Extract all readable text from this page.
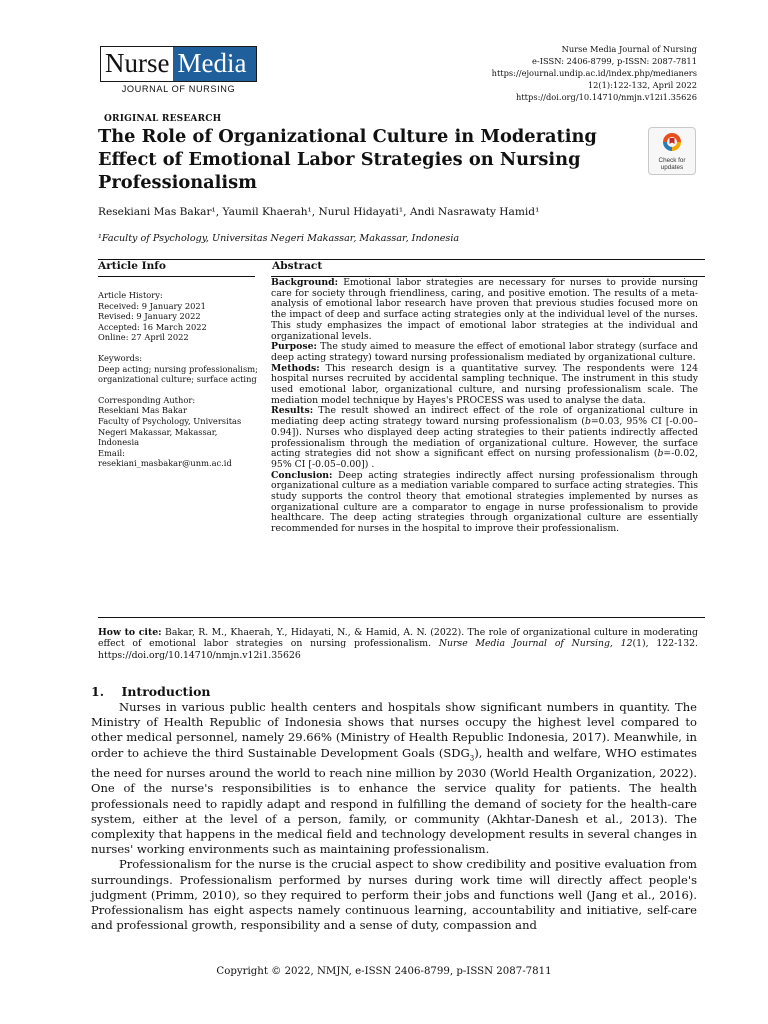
Nurse Media
JOURNAL OF NURSING
Nurse Media Journal of Nursing
e-ISSN: 2406-8799, p-ISSN: 2087-7811
https://ejournal.undip.ac.id/index.php/medianers
12(1):122-132, April 2022
https://doi.org/10.14710/nmjn.v12i1.35626
ORIGINAL RESEARCH
The Role of Organizational Culture in Moderating Effect of Emotional Labor Strategies on Nursing Professionalism
Check for
updates
Resekiani Mas Bakar¹, Yaumil Khaerah¹, Nurul Hidayati¹, Andi Nasrawaty Hamid¹
¹Faculty of Psychology, Universitas Negeri Makassar, Makassar, Indonesia
Article Info	Abstract

Article History:
Received: 9 January 2021
Revised: 9 January 2022
Accepted: 16 March 2022
Online: 27 April 2022

Keywords:
Deep acting; nursing professionalism; organizational culture; surface acting

Corresponding Author:
Resekiani Mas Bakar
Faculty of Psychology, Universitas Negeri Makassar, Makassar, Indonesia
Email:
resekiani_masbakar@unm.ac.id

Background: Emotional labor strategies are necessary for nurses to provide nursing care for society through friendliness, caring, and positive emotion. The results of a meta-analysis of emotional labor research have proven that previous studies focused more on the impact of deep and surface acting strategies only at the individual level of the nurses. This study emphasizes the impact of emotional labor strategies at the individual and organizational levels.

Purpose: The study aimed to measure the effect of emotional labor strategy (surface and deep acting strategy) toward nursing professionalism mediated by organizational culture.

Methods: This research design is a quantitative survey. The respondents were 124 hospital nurses recruited by accidental sampling technique. The instrument in this study used emotional labor, organizational culture, and nursing professionalism scale. The mediation model technique by Hayes's PROCESS was used to analyse the data.

Results: The result showed an indirect effect of the role of organizational culture in mediating deep acting strategy toward nursing professionalism (b=0.03, 95% CI [-0.00–0.94]). Nurses who displayed deep acting strategies to their patients indirectly affected professionalism through the mediation of organizational culture. However, the surface acting strategies did not show a significant effect on nursing professionalism (b=-0.02, 95% CI [-0.05–0.00]) .

Conclusion: Deep acting strategies indirectly affect nursing professionalism through organizational culture as a mediation variable compared to surface acting strategies. This study supports the control theory that emotional strategies implemented by nurses as organizational culture are a comparator to engage in nurse professionalism to provide healthcare. The deep acting strategies through organizational culture are essentially recommended for nurses in the hospital to improve their professionalism.

How to cite: Bakar, R. M., Khaerah, Y., Hidayati, N., & Hamid, A. N. (2022). The role of organizational culture in moderating effect of emotional labor strategies on nursing professionalism. Nurse Media Journal of Nursing, 12(1), 122-132. https://doi.org/10.14710/nmjn.v12i1.35626
1. Introduction

Nurses in various public health centers and hospitals show significant numbers in quantity. The Ministry of Health Republic of Indonesia shows that nurses occupy the highest level compared to other medical personnel, namely 29.66% (Ministry of Health Republic Indonesia, 2017). Meanwhile, in order to achieve the third Sustainable Development Goals $(SDG_3)$, health and welfare, WHO estimates the need for nurses around the world to reach nine million by 2030 (World Health Organization, 2022). One of the nurse's responsibilities is to enhance the service quality for patients. The health professionals need to rapidly adapt and respond in fulfilling the demand of society for the health-care system, either at the level of a person, family, or community (Akhtar-Danesh et al., 2013). The complexity that happens in the medical field and technology development results in several changes in nurses' working environments such as maintaining professionalism.

Professionalism for the nurse is the crucial aspect to show credibility and positive evaluation from surroundings. Professionalism performed by nurses during work time will directly affect people's judgment (Primm, 2010), so they required to perform their jobs and functions well (Jang et al., 2016). Professionalism has eight aspects namely continuous learning, accountability and initiative, self-care and professional growth, responsibility and a sense of duty, compassion and

Copyright © 2022, NMJN, e-ISSN 2406-8799, p-ISSN 2087-7811
